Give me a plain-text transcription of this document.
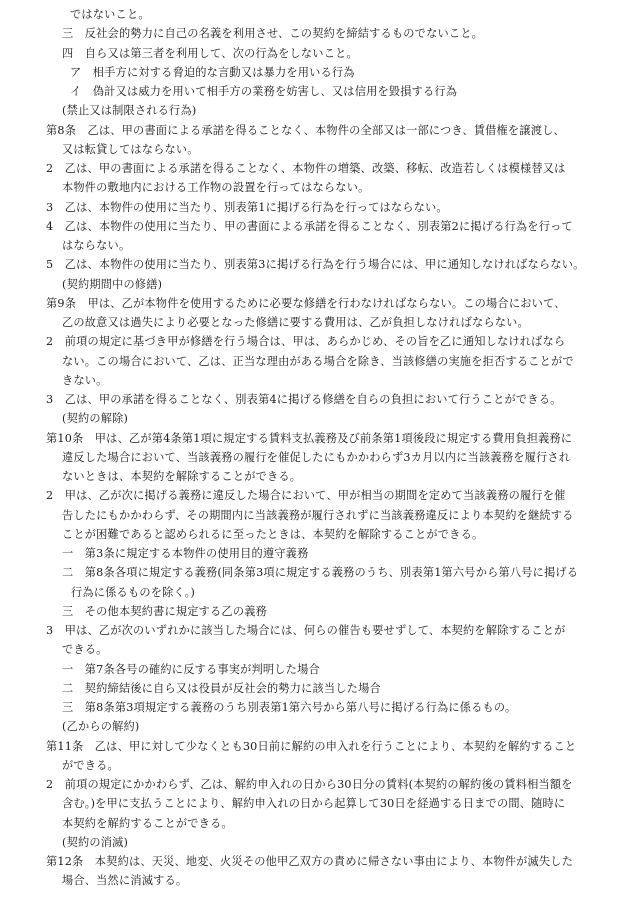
ではないこと。
三　反社会的勢力に自己の名義を利用させ、この契約を締結するものでないこと。
四　自ら又は第三者を利用して、次の行為をしないこと。
ア　相手方に対する脅迫的な言動又は暴力を用いる行為
イ　偽計又は威力を用いて相手方の業務を妨害し、又は信用を毀損する行為
(禁止又は制限される行為)
第8条　乙は、甲の書面による承諾を得ることなく、本物件の全部又は一部につき、賃借権を譲渡し、
又は転貸してはならない。
2　乙は、甲の書面による承諾を得ることなく、本物件の増築、改築、移転、改造若しくは模様替又は
本物件の敷地内における工作物の設置を行ってはならない。
3　乙は、本物件の使用に当たり、別表第1に掲げる行為を行ってはならない。
4　乙は、本物件の使用に当たり、甲の書面による承諾を得ることなく、別表第2に掲げる行為を行って
はならない。
5　乙は、本物件の使用に当たり、別表第3に掲げる行為を行う場合には、甲に通知しなければならない。
(契約期間中の修繕)
第9条　甲は、乙が本物件を使用するために必要な修繕を行わなければならない。この場合において、
乙の故意又は過失により必要となった修繕に要する費用は、乙が負担しなければならない。
2　前項の規定に基づき甲が修繕を行う場合は、甲は、あらかじめ、その旨を乙に通知しなければなら
ない。この場合において、乙は、正当な理由がある場合を除き、当該修繕の実施を拒否することがで
きない。
3　乙は、甲の承諾を得ることなく、別表第4に掲げる修繕を自らの負担において行うことができる。
(契約の解除)
第10条　甲は、乙が第4条第1項に規定する賃料支払義務及び前条第1項後段に規定する費用負担義務に
違反した場合において、当該義務の履行を催促したにもかかわらず3カ月以内に当該義務を履行され
ないときは、本契約を解除することができる。
2　甲は、乙が次に掲げる義務に違反した場合において、甲が相当の期間を定めて当該義務の履行を催
告したにもかかわらず、その期間内に当該義務が履行されずに当該義務違反により本契約を継続する
ことが困難であると認められるに至ったときは、本契約を解除することができる。
一　第3条に規定する本物件の使用目的遵守義務
二　第8条各項に規定する義務(同条第3項に規定する義務のうち、別表第1第六号から第八号に掲げる
行為に係るものを除く。)
三　その他本契約書に規定する乙の義務
3　甲は、乙が次のいずれかに該当した場合には、何らの催告も要せずして、本契約を解除することが
できる。
一　第7条各号の確約に反する事実が判明した場合
二　契約締結後に自ら又は役員が反社会的勢力に該当した場合
三　第8条第3項規定する義務のうち別表第1第六号から第八号に掲げる行為に係るもの。
(乙からの解約)
第11条　乙は、甲に対して少なくとも30日前に解約の申入れを行うことにより、本契約を解約すること
ができる。
2　前項の規定にかかわらず、乙は、解約申入れの日から30日分の賃料(本契約の解約後の賃料相当額を
含む。)を甲に支払うことにより、解約申入れの日から起算して30日を経過する日までの間、随時に
本契約を解約することができる。
(契約の消滅)
第12条　本契約は、天災、地変、火災その他甲乙双方の責めに帰さない事由により、本物件が滅失した
場合、当然に消滅する。
